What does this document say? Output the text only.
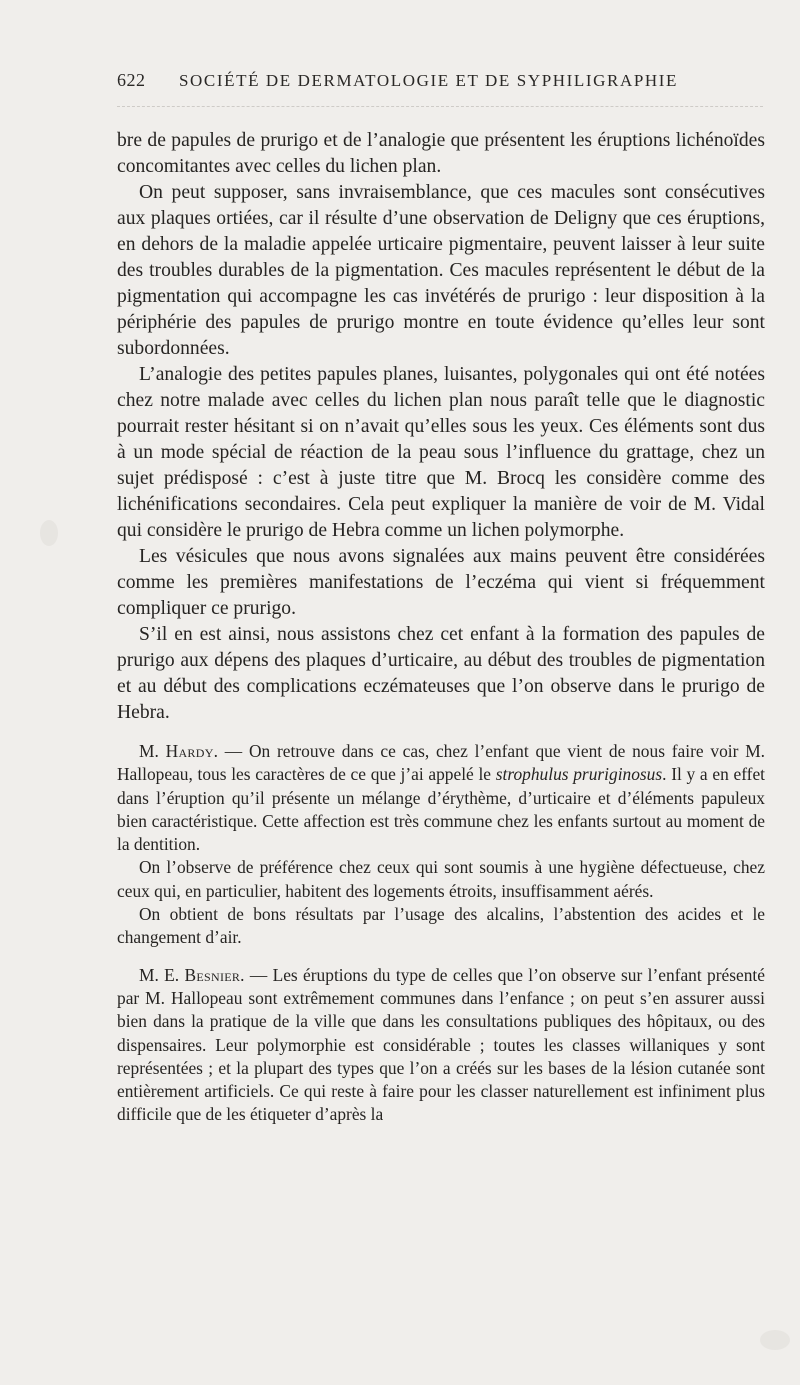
622 SOCIÉTÉ DE DERMATOLOGIE ET DE SYPHILIGRAPHIE

bre de papules de prurigo et de l’analogie que présentent les éruptions lichénoïdes concomitantes avec celles du lichen plan.

On peut supposer, sans invraisemblance, que ces macules sont consécutives aux plaques ortiées, car il résulte d’une observation de Deligny que ces éruptions, en dehors de la maladie appelée urticaire pigmentaire, peuvent laisser à leur suite des troubles durables de la pigmentation. Ces macules représentent le début de la pigmentation qui accompagne les cas invétérés de prurigo : leur disposition à la périphérie des papules de prurigo montre en toute évidence qu’elles leur sont subordonnées.

L’analogie des petites papules planes, luisantes, polygonales qui ont été notées chez notre malade avec celles du lichen plan nous paraît telle que le diagnostic pourrait rester hésitant si on n’avait qu’elles sous les yeux. Ces éléments sont dus à un mode spécial de réaction de la peau sous l’influence du grattage, chez un sujet prédisposé : c’est à juste titre que M. Brocq les considère comme des lichénifications secondaires. Cela peut expliquer la manière de voir de M. Vidal qui considère le prurigo de Hebra comme un lichen polymorphe.

Les vésicules que nous avons signalées aux mains peuvent être considérées comme les premières manifestations de l’eczéma qui vient si fréquemment compliquer ce prurigo.

S’il en est ainsi, nous assistons chez cet enfant à la formation des papules de prurigo aux dépens des plaques d’urticaire, au début des troubles de pigmentation et au début des complications eczémateuses que l’on observe dans le prurigo de Hebra.

M. Hardy. — On retrouve dans ce cas, chez l’enfant que vient de nous faire voir M. Hallopeau, tous les caractères de ce que j’ai appelé le strophulus pruriginosus. Il y a en effet dans l’éruption qu’il présente un mélange d’érythème, d’urticaire et d’éléments papuleux bien caractéristique. Cette affection est très commune chez les enfants surtout au moment de la dentition.

On l’observe de préférence chez ceux qui sont soumis à une hygiène défectueuse, chez ceux qui, en particulier, habitent des logements étroits, insuffisamment aérés.

On obtient de bons résultats par l’usage des alcalins, l’abstention des acides et le changement d’air.

M. E. Besnier. — Les éruptions du type de celles que l’on observe sur l’enfant présenté par M. Hallopeau sont extrêmement communes dans l’enfance ; on peut s’en assurer aussi bien dans la pratique de la ville que dans les consultations publiques des hôpitaux, ou des dispensaires. Leur polymorphie est considérable ; toutes les classes willaniques y sont représentées ; et la plupart des types que l’on a créés sur les bases de la lésion cutanée sont entièrement artificiels. Ce qui reste à faire pour les classer naturellement est infiniment plus difficile que de les étiqueter d’après la
